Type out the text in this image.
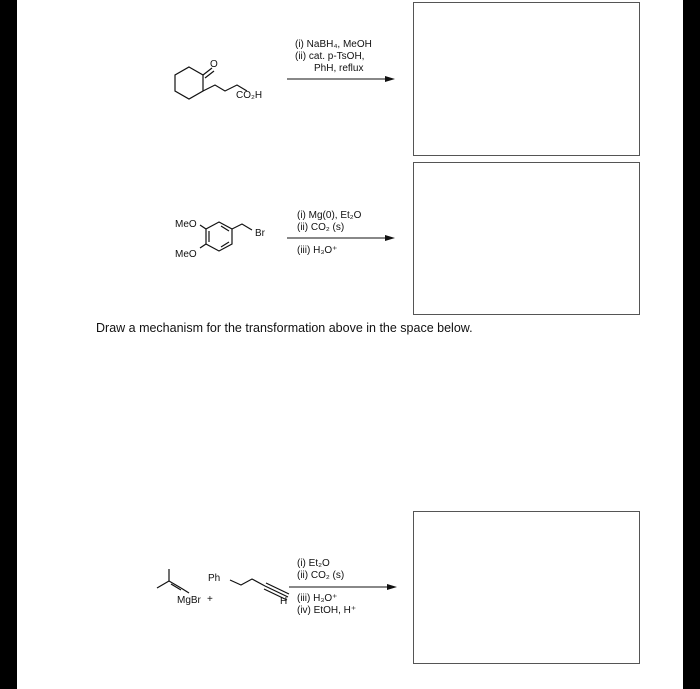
O
CO₂H
(i) NaBH₄, MeOH
(ii) cat. p-TsOH,
PhH, reflux
MeO
MeO
Br
(i) Mg(0), Et₂O
(ii) CO₂ (s)
(iii) H₃O⁺
Draw a mechanism for the transformation above in the space below.
MgBr +
Ph
H
(i) Et₂O
(ii) CO₂ (s)
(iii) H₃O⁺
(iv) EtOH, H⁺
